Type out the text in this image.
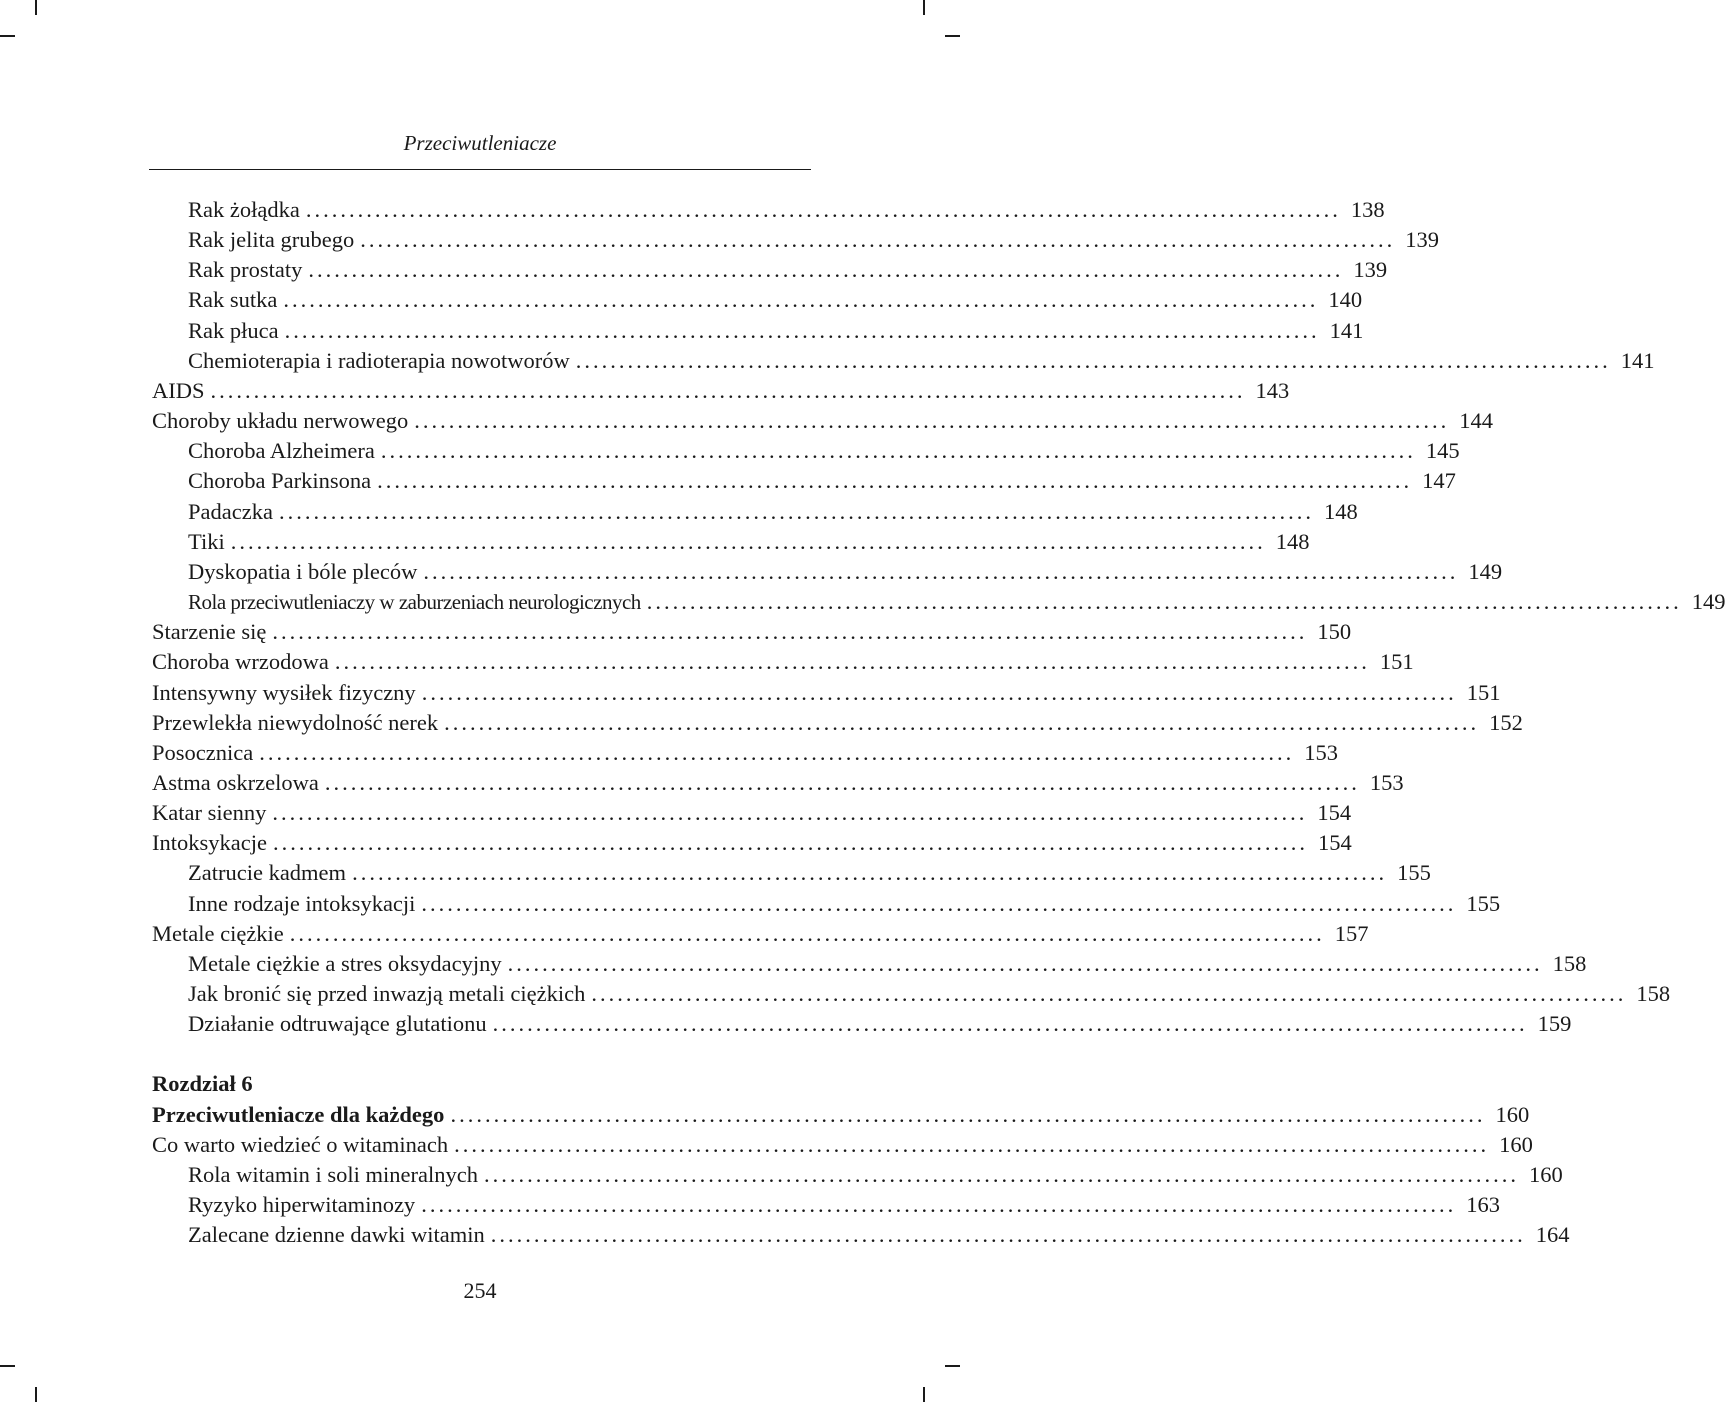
Przeciwutleniacze
Rak żołądka ........................................................................................................................ 138
Rak jelita grubego ........................................................................................................................ 139
Rak prostaty ........................................................................................................................ 139
Rak sutka ........................................................................................................................ 140
Rak płuca ........................................................................................................................ 141
Chemioterapia i radioterapia nowotworów ........................................................................................................................ 141
AIDS ........................................................................................................................ 143
Choroby układu nerwowego ........................................................................................................................ 144
Choroba Alzheimera ........................................................................................................................ 145
Choroba Parkinsona ........................................................................................................................ 147
Padaczka ........................................................................................................................ 148
Tiki ........................................................................................................................ 148
Dyskopatia i bóle pleców ........................................................................................................................ 149
Rola przeciwutleniaczy w zaburzeniach neurologicznych ........................................................................................................................ 149
Starzenie się ........................................................................................................................ 150
Choroba wrzodowa ........................................................................................................................ 151
Intensywny wysiłek fizyczny ........................................................................................................................ 151
Przewlekła niewydolność nerek ........................................................................................................................ 152
Posocznica ........................................................................................................................ 153
Astma oskrzelowa ........................................................................................................................ 153
Katar sienny ........................................................................................................................ 154
Intoksykacje ........................................................................................................................ 154
Zatrucie kadmem ........................................................................................................................ 155
Inne rodzaje intoksykacji ........................................................................................................................ 155
Metale ciężkie ........................................................................................................................ 157
Metale ciężkie a stres oksydacyjny ........................................................................................................................ 158
Jak bronić się przed inwazją metali ciężkich ........................................................................................................................ 158
Działanie odtruwające glutationu ........................................................................................................................ 159
Rozdział 6
Przeciwutleniacze dla każdego ........................................................................................................................ 160
Co warto wiedzieć o witaminach ........................................................................................................................ 160
Rola witamin i soli mineralnych ........................................................................................................................ 160
Ryzyko hiperwitaminozy ........................................................................................................................ 163
Zalecane dzienne dawki witamin ........................................................................................................................ 164
254
